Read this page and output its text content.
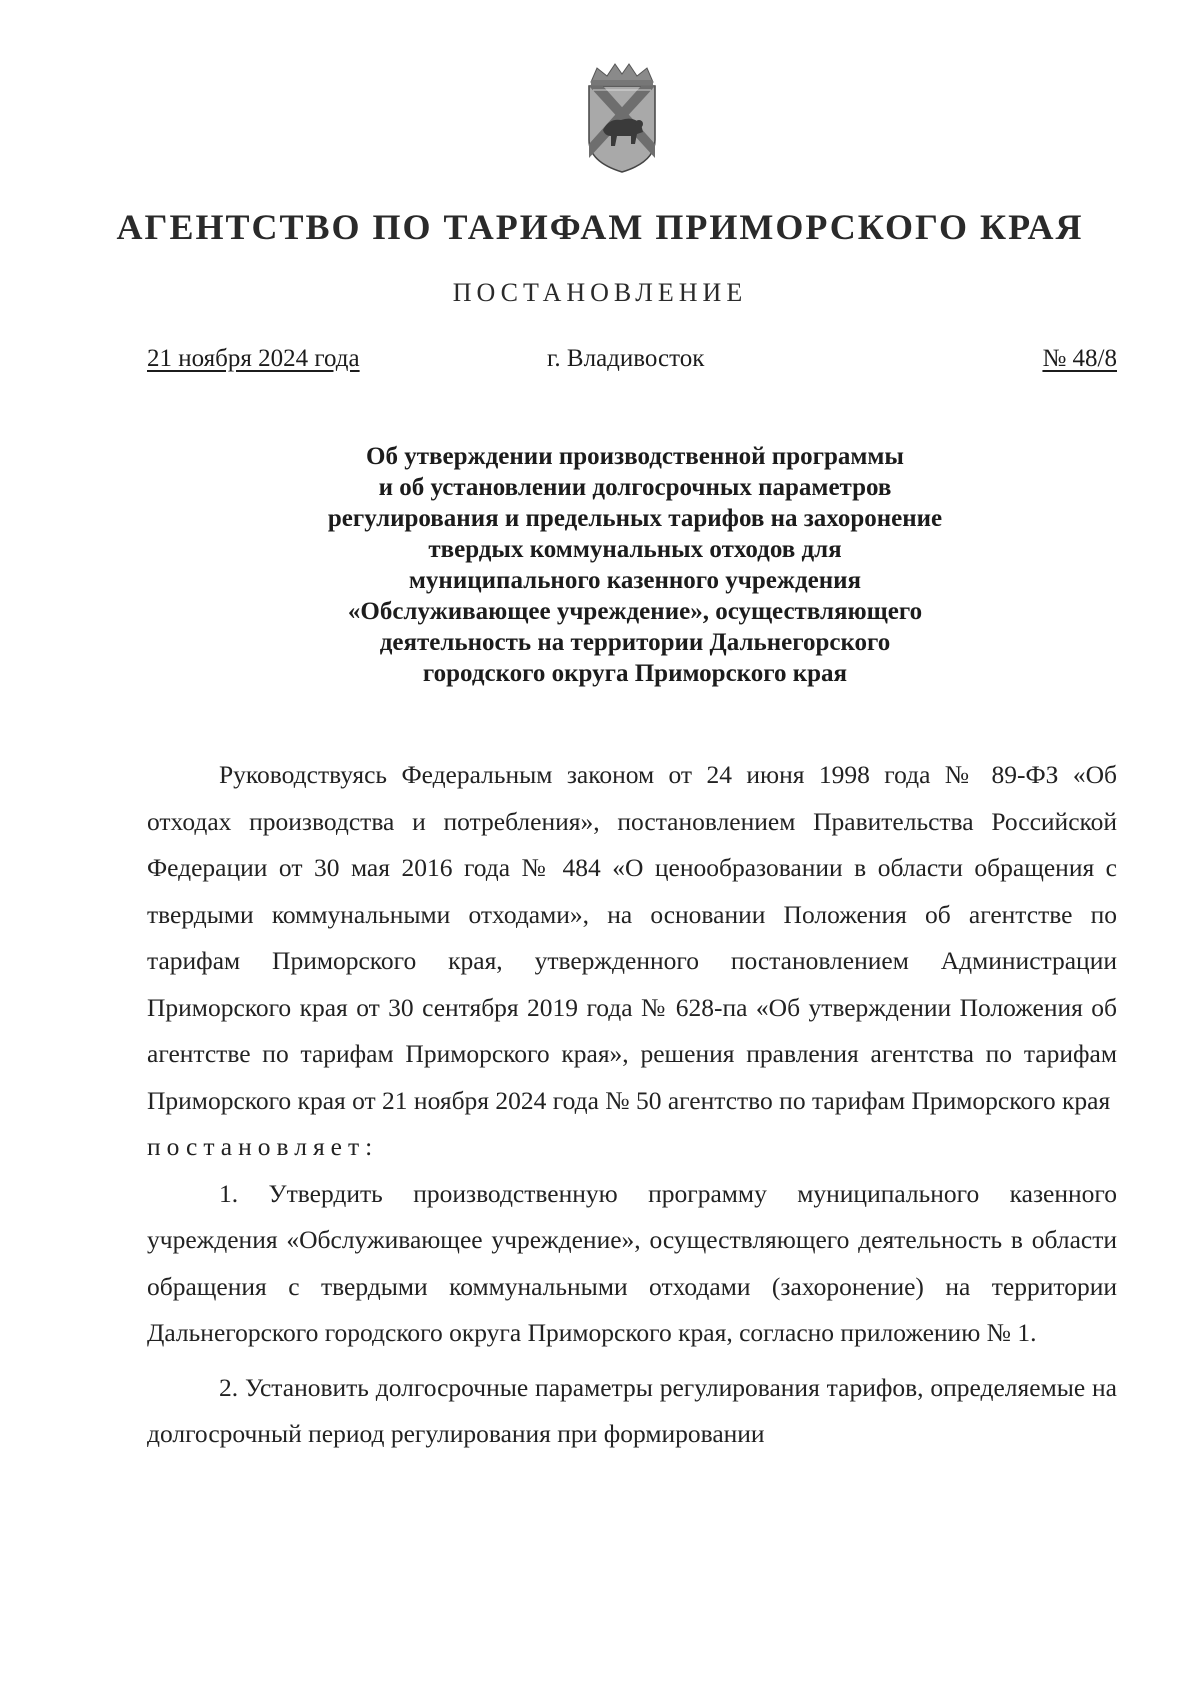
АГЕНТСТВО ПО ТАРИФАМ ПРИМОРСКОГО КРАЯ
ПОСТАНОВЛЕНИЕ
21 ноября 2024 года	г. Владивосток	№ 48/8
Об утверждении производственной программы
и об установлении долгосрочных параметров
регулирования и предельных тарифов на захоронение
твердых коммунальных отходов для
муниципального казенного учреждения
«Обслуживающее учреждение», осуществляющего
деятельность на территории Дальнегорского
городского округа Приморского края

Руководствуясь Федеральным законом от 24 июня 1998 года № 89-ФЗ «Об отходах производства и потребления», постановлением Правительства Российской Федерации от 30 мая 2016 года № 484 «О ценообразовании в области обращения с твердыми коммунальными отходами», на основании Положения об агентстве по тарифам Приморского края, утвержденного постановлением Администрации Приморского края от 30 сентября 2019 года № 628-па «Об утверждении Положения об агентстве по тарифам Приморского края», решения правления агентства по тарифам Приморского края от 21 ноября 2024 года № 50 агентство по тарифам Приморского края

постановляет:

1. Утвердить производственную программу муниципального казенного учреждения «Обслуживающее учреждение», осуществляющего деятельность в области обращения с твердыми коммунальными отходами (захоронение) на территории Дальнегорского городского округа Приморского края, согласно приложению № 1.

2. Установить долгосрочные параметры регулирования тарифов, определяемые на долгосрочный период регулирования при формировании
